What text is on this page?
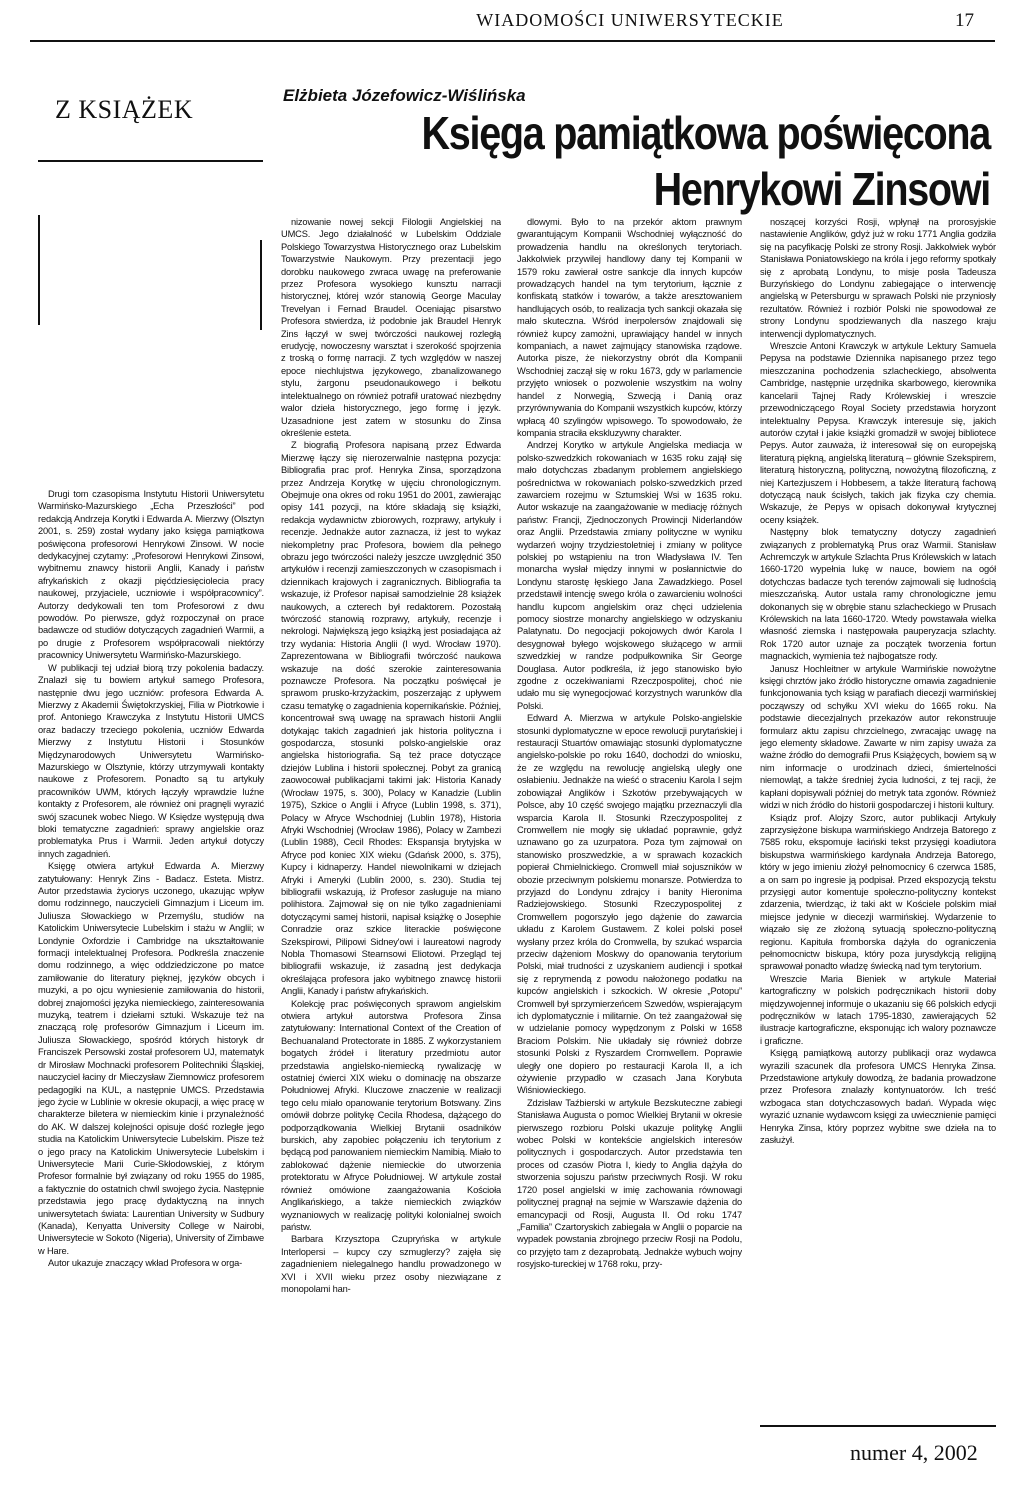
WIADOMOŚCI UNIWERSYTECKIE	17
Z KSIĄŻEK	Elżbieta Józefowicz-Wiślińska
Księga pamiątkowa poświęcona Henrykowi Zinsowi

Drugi tom czasopisma Instytutu Historii Uniwersytetu Warmińsko-Mazurskiego „Echa Przeszłości” pod redakcją Andrzeja Korytki i Edwarda A. Mierzwy (Olsztyn 2001, s. 259) został wydany jako księga pamiątkowa poświęcona profesorowi Henrykowi Zinsowi. W nocie dedykacyjnej czytamy: „Profesorowi Henrykowi Zinsowi, wybitnemu znawcy historii Anglii, Kanady i państw afrykańskich z okazji pięćdziesięciolecia pracy naukowej, przyjaciele, uczniowie i współpracownicy”. Autorzy dedykowali ten tom Profesorowi z dwu powodów. Po pierwsze, gdyż rozpoczynał on prace badawcze od studiów dotyczących zagadnień Warmii, a po drugie z Profesorem współpracowali niektórzy pracownicy Uniwersytetu Warmińsko-Mazurskiego.

W publikacji tej udział biorą trzy pokolenia badaczy. Znalazł się tu bowiem artykuł samego Profesora, następnie dwu jego uczniów: profesora Edwarda A. Mierzwy z Akademii Świętokrzyskiej, Filia w Piotrkowie i prof. Antoniego Krawczyka z Instytutu Historii UMCS oraz badaczy trzeciego pokolenia, uczniów Edwarda Mierzwy z Instytutu Historii i Stosunków Międzynarodowych Uniwersytetu Warmińsko-Mazurskiego w Olsztynie, którzy utrzymywali kontakty naukowe z Profesorem. Ponadto są tu artykuły pracowników UWM, których łączyły wprawdzie luźne kontakty z Profesorem, ale również oni pragnęli wyrazić swój szacunek wobec Niego. W Księdze występują dwa bloki tematyczne zagadnień: sprawy angielskie oraz problematyka Prus i Warmii. Jeden artykuł dotyczy innych zagadnień.

Księgę otwiera artykuł Edwarda A. Mierzwy zatytułowany: Henryk Zins - Badacz. Esteta. Mistrz. Autor przedstawia życiorys uczonego, ukazując wpływ domu rodzinnego, nauczycieli Gimnazjum i Liceum im. Juliusza Słowackiego w Przemyślu, studiów na Katolickim Uniwersytecie Lubelskim i stażu w Anglii; w Londynie Oxfordzie i Cambridge na ukształtowanie formacji intelektualnej Profesora. Podkreśla znaczenie domu rodzinnego, a więc oddziedziczone po matce zamiłowanie do literatury pięknej, języków obcych i muzyki, a po ojcu wyniesienie zamiłowania do historii, dobrej znajomości języka niemieckiego, zainteresowania muzyką, teatrem i dziełami sztuki. Wskazuje też na znaczącą rolę profesorów Gimnazjum i Liceum im. Juliusza Słowackiego, spośród których historyk dr Franciszek Persowski został profesorem UJ, matematyk dr Mirosław Mochnacki profesorem Politechniki Śląskiej, nauczyciel łaciny dr Mieczysław Ziemnowicz profesorem pedagogiki na KUL, a następnie UMCS. Przedstawia jego życie w Lublinie w okresie okupacji, a więc pracę w charakterze biletera w niemieckim kinie i przynależność do AK. W dalszej kolejności opisuje dość rozległe jego studia na Katolickim Uniwersytecie Lubelskim. Pisze też o jego pracy na Katolickim Uniwersytecie Lubelskim i Uniwersytecie Marii Curie-Skłodowskiej, z którym Profesor formalnie był związany od roku 1955 do 1985, a faktycznie do ostatnich chwil swojego życia. Następnie przedstawia jego pracę dydaktyczną na innych uniwersytetach świata: Laurentian University w Sudbury (Kanada), Kenyatta University College w Nairobi, Uniwersytecie w Sokoto (Nigeria), University of Zimbawe w Hare.

Autor ukazuje znaczący wkład Profesora w orga-

nizowanie nowej sekcji Filologii Angielskiej na UMCS. Jego działalność w Lubelskim Oddziale Polskiego Towarzystwa Historycznego oraz Lubelskim Towarzystwie Naukowym. Przy prezentacji jego dorobku naukowego zwraca uwagę na preferowanie przez Profesora wysokiego kunsztu narracji historycznej, której wzór stanowią George Maculay Trevelyan i Fernad Braudel. Oceniając pisarstwo Profesora stwierdza, iż podobnie jak Braudel Henryk Zins łączył w swej twórczości naukowej rozległą erudycję, nowoczesny warsztat i szerokość spojrzenia z troską o formę narracji. Z tych względów w naszej epoce niechlujstwa językowego, zbanalizowanego stylu, żargonu pseudonaukowego i bełkotu intelektualnego on również potrafił uratować niezbędny walor dzieła historycznego, jego formę i język. Uzasadnione jest zatem w stosunku do Zinsa określenie esteta.

Z biografią Profesora napisaną przez Edwarda Mierzwę łączy się nierozerwalnie następna pozycja: Bibliografia prac prof. Henryka Zinsa, sporządzona przez Andrzeja Korytkę w ujęciu chronologicznym. Obejmuje ona okres od roku 1951 do 2001, zawierając opisy 141 pozycji, na które składają się książki, redakcja wydawnictw zbiorowych, rozprawy, artykuły i recenzje. Jednakże autor zaznacza, iż jest to wykaz niekompletny prac Profesora, bowiem dla pełnego obrazu jego twórczości należy jeszcze uwzględnić 350 artykułów i recenzji zamieszczonych w czasopismach i dziennikach krajowych i zagranicznych. Bibliografia ta wskazuje, iż Profesor napisał samodzielnie 28 książek naukowych, a czterech był redaktorem. Pozostałą twórczość stanowią rozprawy, artykuły, recenzje i nekrologi. Największą jego książką jest posiadająca aż trzy wydania: Historia Anglii (I wyd. Wrocław 1970). Zaprezentowana w Bibliografii twórczość naukowa wskazuje na dość szerokie zainteresowania poznawcze Profesora. Na początku poświęcał je sprawom prusko-krzyżackim, poszerzając z upływem czasu tematykę o zagadnienia kopernikańskie. Później, koncentrował swą uwagę na sprawach historii Anglii dotykając takich zagadnień jak historia polityczna i gospodarcza, stosunki polsko-angielskie oraz angielska historiografia. Są też prace dotyczące dziejów Lublina i historii społecznej. Pobyt za granicą zaowocował publikacjami takimi jak: Historia Kanady (Wrocław 1975, s. 300), Polacy w Kanadzie (Lublin 1975), Szkice o Anglii i Afryce (Lublin 1998, s. 371), Polacy w Afryce Wschodniej (Lublin 1978), Historia Afryki Wschodniej (Wrocław 1986), Polacy w Zambezi (Lublin 1988), Cecil Rhodes: Ekspansja brytyjska w Afryce pod koniec XIX wieku (Gdańsk 2000, s. 375), Kupcy i kidnaperzy. Handel niewolnikami w dziejach Afryki i Ameryki (Lublin 2000, s. 230). Studia tej bibliografii wskazują, iż Profesor zasługuje na miano polihistora. Zajmował się on nie tylko zagadnieniami dotyczącymi samej historii, napisał książkę o Josephie Conradzie oraz szkice literackie poświęcone Szekspirowi, Pilipowi Sidney'owi i laureatowi nagrody Nobla Thomasowi Stearnsowi Eliotowi. Przegląd tej bibliografii wskazuje, iż zasadną jest dedykacja określająca profesora jako wybitnego znawcę historii Anglii, Kanady i państw afrykańskich.

Kolekcję prac poświęconych sprawom angielskim otwiera artykuł autorstwa Profesora Zinsa zatytułowany: International Context of the Creation of Bechuanaland Protectorate in 1885. Z wykorzystaniem bogatych źródeł i literatury przedmiotu autor przedstawia angielsko-niemiecką rywalizację w ostatniej ćwierci XIX wieku o dominację na obszarze Południowej Afryki. Kluczowe znaczenie w realizacji tego celu miało opanowanie terytorium Botswany. Zins omówił dobrze politykę Cecila Rhodesa, dążącego do podporządkowania Wielkiej Brytanii osadników burskich, aby zapobiec połączeniu ich terytorium z będącą pod panowaniem niemieckim Namibią. Miało to zablokować dążenie niemieckie do utworzenia protektoratu w Afryce Południowej. W artykule został również omówione zaangażowania Kościoła Anglikańskiego, a także niemieckich związków wyznaniowych w realizację polityki kolonialnej swoich państw.

Barbara Krzysztopa Czupryńska w artykule Interlopersi – kupcy czy szmuglerzy? zajęła się zagadnieniem nielegalnego handlu prowadzonego w XVI i XVII wieku przez osoby niezwiązane z monopolami han-

dlowymi. Było to na przekór aktom prawnym gwarantującym Kompanii Wschodniej wyłączność do prowadzenia handlu na określonych terytoriach. Jakkolwiek przywilej handlowy dany tej Kompanii w 1579 roku zawierał ostre sankcje dla innych kupców prowadzących handel na tym terytorium, łącznie z konfiskatą statków i towarów, a także aresztowaniem handlujących osób, to realizacja tych sankcji okazała się mało skuteczna. Wśród inerpolersów znajdowali się również kupcy zamożni, uprawiający handel w innych kompaniach, a nawet zajmujący stanowiska rządowe. Autorka pisze, że niekorzystny obrót dla Kompanii Wschodniej zaczął się w roku 1673, gdy w parlamencie przyjęto wniosek o pozwolenie wszystkim na wolny handel z Norwegią, Szwecją i Danią oraz przyrównywania do Kompanii wszystkich kupców, którzy wpłacą 40 szylingów wpisowego. To spowodowało, że kompania straciła ekskluzywny charakter.

Andrzej Korytko w artykule Angielska mediacja w polsko-szwedzkich rokowaniach w 1635 roku zajął się mało dotychczas zbadanym problemem angielskiego pośrednictwa w rokowaniach polsko-szwedzkich przed zawarciem rozejmu w Sztumskiej Wsi w 1635 roku. Autor wskazuje na zaangażowanie w mediację różnych państw: Francji, Zjednoczonych Prowincji Niderlandów oraz Anglii. Przedstawia zmiany polityczne w wyniku wydarzeń wojny trzydziestoletniej i zmiany w polityce polskiej po wstąpieniu na tron Władysława IV. Ten monarcha wysłał między innymi w posłannictwie do Londynu starostę łęskiego Jana Zawadzkiego. Posel przedstawił intencję swego króla o zawarcieniu wolności handlu kupcom angielskim oraz chęci udzielenia pomocy siostrze monarchy angielskiego w odzyskaniu Palatynatu. Do negocjacji pokojowych dwór Karola I desygnował byłego wojskowego służącego w armii szwedzkiej w randze podpułkownika Sir George Douglasa. Autor podkreśla, iż jego stanowisko było zgodne z oczekiwaniami Rzeczpospolitej, choć nie udało mu się wynegocjować korzystnych warunków dla Polski.

Edward A. Mierzwa w artykule Polsko-angielskie stosunki dyplomatyczne w epoce rewolucji purytańskiej i restauracji Stuartów omawiając stosunki dyplomatyczne angielsko-polskie po roku 1640, dochodzi do wniosku, że ze względu na rewolucję angielską uległy one osłabieniu. Jednakże na wieść o straceniu Karola I sejm zobowiązał Anglików i Szkotów przebywających w Polsce, aby 10 część swojego majątku przeznaczyli dla wsparcia Karola II. Stosunki Rzeczypospolitej z Cromwellem nie mogły się układać poprawnie, gdyż uznawano go za uzurpatora. Poza tym zajmował on stanowisko proszwedzkie, a w sprawach kozackich popierał Chmielnickiego. Cromwell miał sojuszników w obozie przeciwnym polskiemu monarsze. Potwierdza to przyjazd do Londynu zdrajcy i banity Hieronima Radziejowskiego. Stosunki Rzeczypospolitej z Cromwellem pogorszyło jego dążenie do zawarcia układu z Karolem Gustawem. Z kolei polski poseł wysłany przez króla do Cromwella, by szukać wsparcia przeciw dążeniom Moskwy do opanowania terytorium Polski, miał trudności z uzyskaniem audiencji i spotkał się z reprymendą z powodu nałożonego podatku na kupców angielskich i szkockich. W okresie „Potopu” Cromwell był sprzymierzeńcem Szwedów, wspierającym ich dyplomatycznie i militarnie. On też zaangażował się w udzielanie pomocy wypędzonym z Polski w 1658 Braciom Polskim. Nie układały się również dobrze stosunki Polski z Ryszardem Cromwellem. Poprawie uległy one dopiero po restauracji Karola II, a ich ożywienie przypadło w czasach Jana Korybuta Wiśniowieckiego.

Zdzisław Taźbierski w artykule Bezskuteczne zabiegi Stanisława Augusta o pomoc Wielkiej Brytanii w okresie pierwszego rozbioru Polski ukazuje politykę Anglii wobec Polski w kontekście angielskich interesów politycznych i gospodarczych. Autor przedstawia ten proces od czasów Piotra I, kiedy to Anglia dążyła do stworzenia sojuszu państw przeciwnych Rosji. W roku 1720 posel angielski w imię zachowania równowagi politycznej pragnął na sejmie w Warszawie dążenia do emancypacji od Rosji, Augusta II. Od roku 1747 „Familia” Czartoryskich zabiegała w Anglii o poparcie na wypadek powstania zbrojnego przeciw Rosji na Podolu, co przyjęto tam z dezaprobatą. Jednakże wybuch wojny rosyjsko-tureckiej w 1768 roku, przy-

noszącej korzyści Rosji, wpłynął na prorosyjskie nastawienie Anglików, gdyż już w roku 1771 Anglia godziła się na pacyfikację Polski ze strony Rosji. Jakkolwiek wybór Stanisława Poniatowskiego na króla i jego reformy spotkały się z aprobatą Londynu, to misje posła Tadeusza Burzyńskiego do Londynu zabiegające o interwencję angielską w Petersburgu w sprawach Polski nie przyniosły rezultatów. Również i rozbiór Polski nie spowodował ze strony Londynu spodziewanych dla naszego kraju interwencji dyplomatycznych.

Wreszcie Antoni Krawczyk w artykule Lektury Samuela Pepysa na podstawie Dziennika napisanego przez tego mieszczanina pochodzenia szlacheckiego, absolwenta Cambridge, następnie urzędnika skarbowego, kierownika kancelarii Tajnej Rady Królewskiej i wreszcie przewodniczącego Royal Society przedstawia horyzont intelektualny Pepysa. Krawczyk interesuje się, jakich autorów czytał i jakie książki gromadził w swojej bibliotece Pepys. Autor zauważa, iż interesował się on europejską literaturą piękną, angielską literaturą – głównie Szekspirem, literaturą historyczną, polityczną, nowożytną filozoficzną, z niej Kartezjuszem i Hobbesem, a także literaturą fachową dotyczącą nauk ścisłych, takich jak fizyka czy chemia. Wskazuje, że Pepys w opisach dokonywał krytycznej oceny książek.

Następny blok tematyczny dotyczy zagadnień związanych z problematyką Prus oraz Warmii. Stanisław Achremczyk w artykule Szlachta Prus Królewskich w latach 1660-1720 wypełnia lukę w nauce, bowiem na ogół dotychczas badacze tych terenów zajmowali się ludnością mieszczańską. Autor ustala ramy chronologiczne jemu dokonanych się w obrębie stanu szlacheckiego w Prusach Królewskich na lata 1660-1720. Wtedy powstawała wielka własność ziemska i następowała pauperyzacja szlachty. Rok 1720 autor uznaje za początek tworzenia fortun magnackich, wymienia też najbogatsze rody.

Janusz Hochleitner w artykule Warmińskie nowożytne księgi chrztów jako źródło historyczne omawia zagadnienie funkcjonowania tych ksiąg w parafiach diecezji warmińskiej począwszy od schyłku XVI wieku do 1665 roku. Na podstawie diecezjalnych przekazów autor rekonstruuje formularz aktu zapisu chrzcielnego, zwracając uwagę na jego elementy składowe. Zawarte w nim zapisy uważa za ważne źródło do demografii Prus Książęcych, bowiem są w nim informacje o urodzinach dzieci, śmiertelności niemowląt, a także średniej życia ludności, z tej racji, że kapłani dopisywali później do metryk tata zgonów. Również widzi w nich źródło do historii gospodarczej i historii kultury.

Ksiądz prof. Alojzy Szorc, autor publikacji Artykuły zaprzysiężone biskupa warmińskiego Andrzeja Batorego z 7585 roku, ekspomuje łaciński tekst przysięgi koadiutora biskupstwa warmińskiego kardynała Andrzeja Batorego, który w jego imieniu złożył pełnomocnicy 6 czerwca 1585, a on sam po ingresie ją podpisał. Przed ekspozycją tekstu przysięgi autor komentuje społeczno-polityczny kontekst zdarzenia, twierdząc, iż taki akt w Kościele polskim miał miejsce jedynie w diecezji warmińskiej. Wydarzenie to wiązało się ze złożoną sytuacją społeczno-polityczną regionu. Kapituła fromborska dążyła do ograniczenia pełnomocnictw biskupa, który poza jurysdykcją religijną sprawował ponadto władzę świecką nad tym terytorium.

Wreszcie Maria Bieniek w artykule Materiał kartograficzny w polskich podręcznikach historii doby międzywojennej informuje o ukazaniu się 66 polskich edycji podręczników w latach 1795-1830, zawierających 52 ilustracje kartograficzne, eksponując ich walory poznawcze i graficzne.

Księgą pamiątkową autorzy publikacji oraz wydawca wyrazili szacunek dla profesora UMCS Henryka Zinsa. Przedstawione artykuły dowodzą, że badania prowadzone przez Profesora znalazły kontynuatorów. Ich treść wzbogaca stan dotychczasowych badań. Wypada więc wyrazić uznanie wydawcom księgi za uwiecznienie pamięci Henryka Zinsa, który poprzez wybitne swe dzieła na to zasłużył.

numer 4, 2002
